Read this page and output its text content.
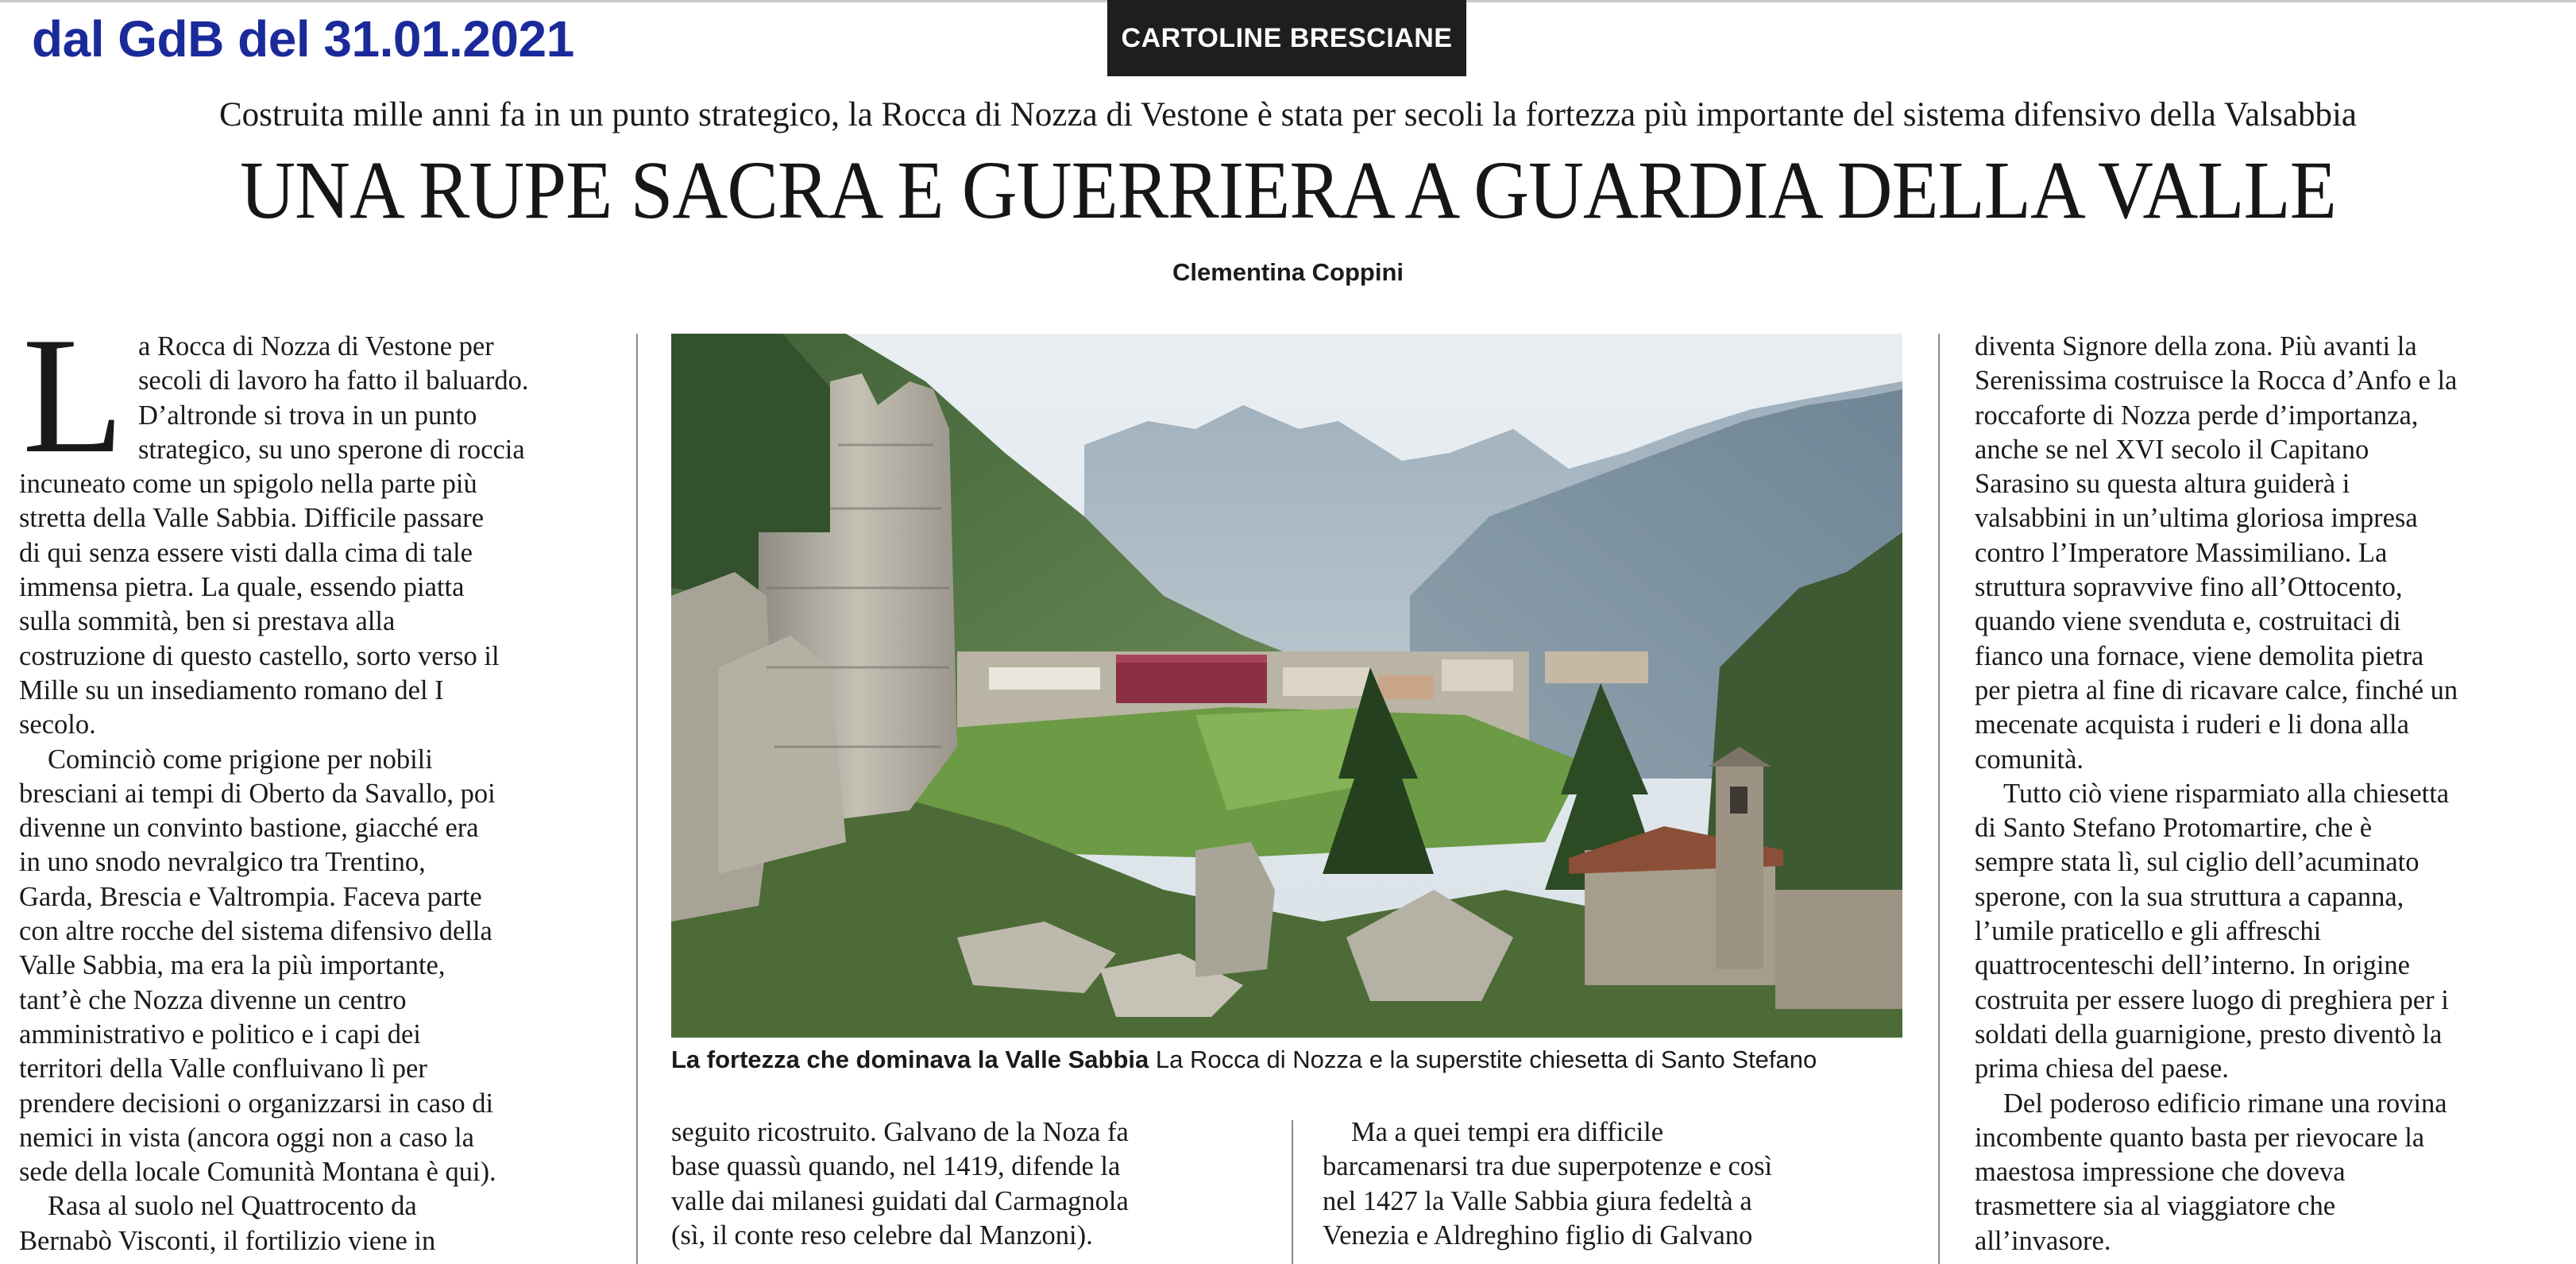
dal GdB del 31.01.2021	CARTOLINE BRESCIANE
Costruita mille anni fa in un punto strategico, la Rocca di Nozza di Vestone è stata per secoli la fortezza più importante del sistema difensivo della Valsabbia
UNA RUPE SACRA E GUERRIERA A GUARDIA DELLA VALLE
Clementina Coppini
L a Rocca di Nozza di Vestone per
secoli di lavoro ha fatto il baluardo.
D’altronde si trova in un punto
strategico, su uno sperone di roccia
incuneato come un spigolo nella parte più
stretta della Valle Sabbia. Difficile passare
di qui senza essere visti dalla cima di tale
immensa pietra. La quale, essendo piatta
sulla sommità, ben si prestava alla
costruzione di questo castello, sorto verso il
Mille su un insediamento romano del I
secolo.
Cominciò come prigione per nobili
bresciani ai tempi di Oberto da Savallo, poi
divenne un convinto bastione, giacché era
in uno snodo nevralgico tra Trentino,
Garda, Brescia e Valtrompia. Faceva parte
con altre rocche del sistema difensivo della
Valle Sabbia, ma era la più importante,
tant’è che Nozza divenne un centro
amministrativo e politico e i capi dei
territori della Valle confluivano lì per
prendere decisioni o organizzarsi in caso di
nemici in vista (ancora oggi non a caso la
sede della locale Comunità Montana è qui).
Rasa al suolo nel Quattrocento da
Bernabò Visconti, il fortilizio viene in
La fortezza che dominava la Valle Sabbia La Rocca di Nozza e la superstite chiesetta di Santo Stefano
seguito ricostruito. Galvano de la Noza fa
base quassù quando, nel 1419, difende la
valle dai milanesi guidati dal Carmagnola
(sì, il conte reso celebre dal Manzoni).
Ma a quei tempi era difficile
barcamenarsi tra due superpotenze e così
nel 1427 la Valle Sabbia giura fedeltà a
Venezia e Aldreghino figlio di Galvano
diventa Signore della zona. Più avanti la
Serenissima costruisce la Rocca d’Anfo e la
roccaforte di Nozza perde d’importanza,
anche se nel XVI secolo il Capitano
Sarasino su questa altura guiderà i
valsabbini in un’ultima gloriosa impresa
contro l’Imperatore Massimiliano. La
struttura sopravvive fino all’Ottocento,
quando viene svenduta e, costruitaci di
fianco una fornace, viene demolita pietra
per pietra al fine di ricavare calce, finché un
mecenate acquista i ruderi e li dona alla
comunità.
Tutto ciò viene risparmiato alla chiesetta
di Santo Stefano Protomartire, che è
sempre stata lì, sul ciglio dell’acuminato
sperone, con la sua struttura a capanna,
l’umile praticello e gli affreschi
quattrocenteschi dell’interno. In origine
costruita per essere luogo di preghiera per i
soldati della guarnigione, presto diventò la
prima chiesa del paese.
Del poderoso edificio rimane una rovina
incombente quanto basta per rievocare la
maestosa impressione che doveva
trasmettere sia al viaggiatore che
all’invasore.
